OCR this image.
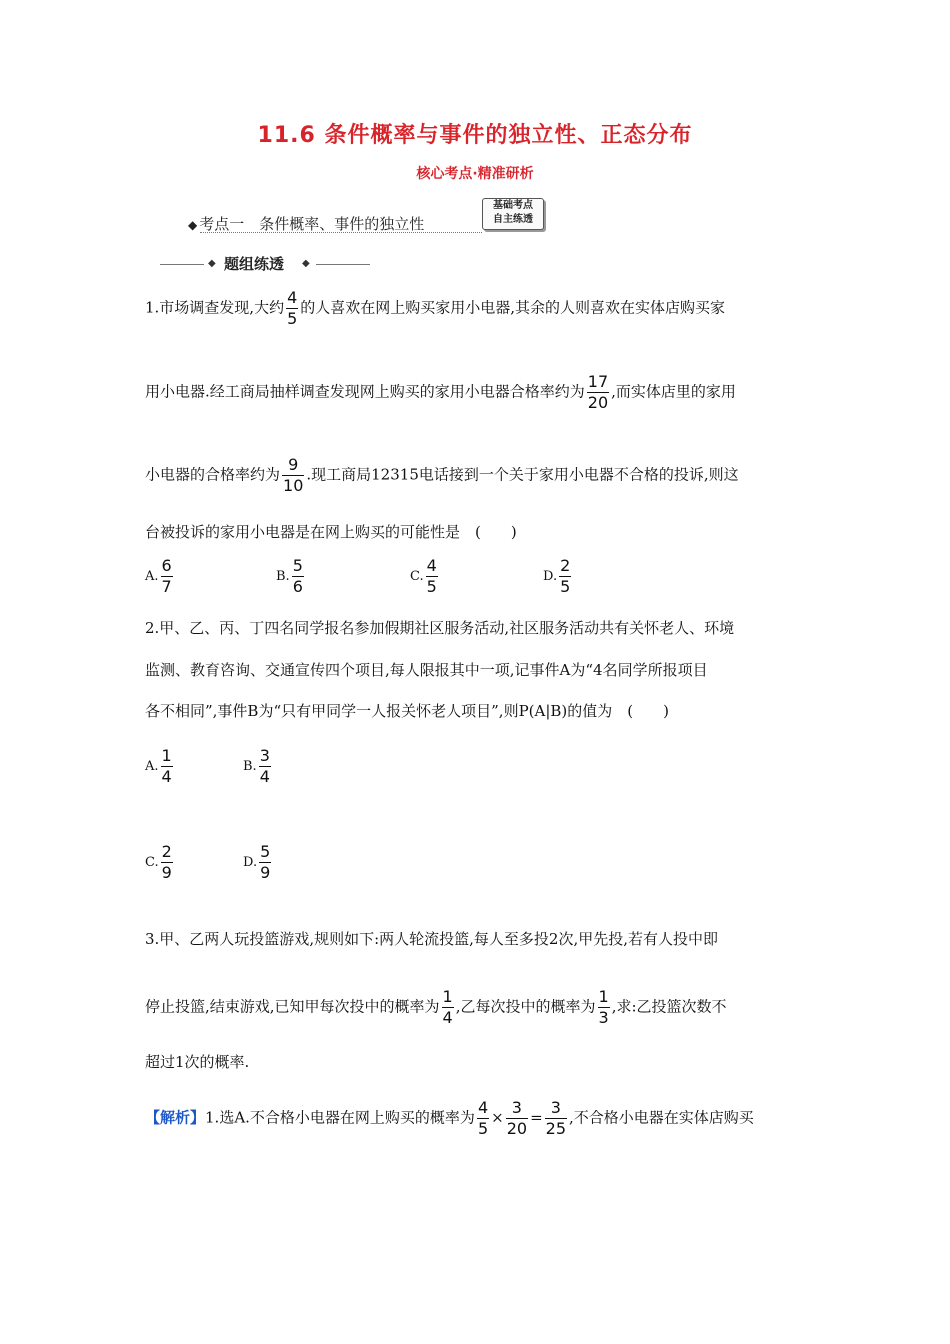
11.6 条件概率与事件的独立性、正态分布
核心考点·精准研析
◆ 考点一　条件概率、事件的独立性
基础考点
自主练透
◆ 题组练透 ◆
1.市场调查发现,大约 $\frac{4}{5}$ 的人喜欢在网上购买家用小电器,其余的人则喜欢在实体店购买家
用小电器.经工商局抽样调查发现网上购买的家用小电器合格率约为 $\frac{17}{20}$ ,而实体店里的家用
小电器的合格率约为 $\frac{9}{10}$ .现工商局12315电话接到一个关于家用小电器不合格的投诉,则这
台被投诉的家用小电器是在网上购买的可能性是　(　　)
A. $\frac{6}{7}$	B. $\frac{5}{6}$	C. $\frac{4}{5}$	D. $\frac{2}{5}$
2.甲、乙、丙、丁四名同学报名参加假期社区服务活动,社区服务活动共有关怀老人、环境
监测、教育咨询、交通宣传四个项目,每人限报其中一项,记事件A为“4名同学所报项目
各不相同”,事件B为“只有甲同学一人报关怀老人项目”,则P(A|B)的值为　(　　)
A. $\frac{1}{4}$	B. $\frac{3}{4}$
C. $\frac{2}{9}$	D. $\frac{5}{9}$
3.甲、乙两人玩投篮游戏,规则如下:两人轮流投篮,每人至多投2次,甲先投,若有人投中即
停止投篮,结束游戏,已知甲每次投中的概率为 $\frac{1}{4}$ ,乙每次投中的概率为 $\frac{1}{3}$ ,求:乙投篮次数不
超过1次的概率.
【解析】1.选A.不合格小电器在网上购买的概率为 $\frac{4}{5} \times \frac{3}{20} = \frac{3}{25}$ ,不合格小电器在实体店购买
